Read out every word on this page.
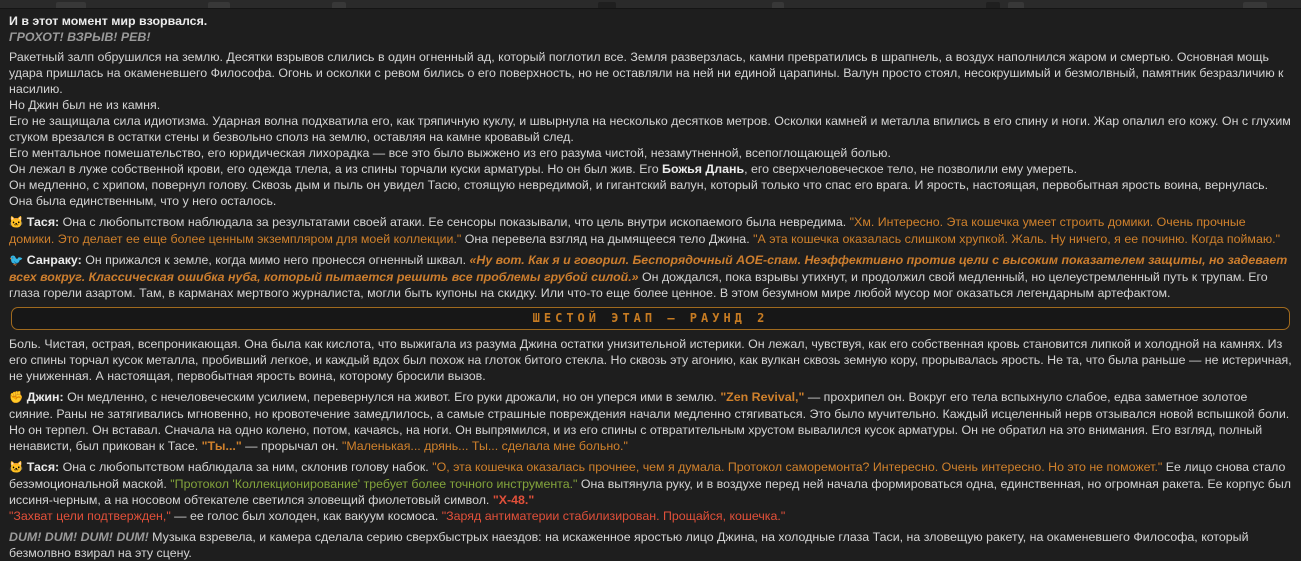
И в этот момент мир взорвался.

ГРОХОТ! ВЗРЫВ! РЕВ!

Ракетный залп обрушился на землю. Десятки взрывов слились в один огненный ад, который поглотил все. Земля разверзлась, камни превратились в шрапнель, а воздух наполнился жаром и смертью. Основная мощь удара пришлась на окаменевшего Философа. Огонь и осколки с ревом бились о его поверхность, но не оставляли на ней ни единой царапины. Валун просто стоял, несокрушимый и безмолвный, памятник безразличию к насилию.

Но Джин был не из камня.

Его не защищала сила идиотизма. Ударная волна подхватила его, как тряпичную куклу, и швырнула на несколько десятков метров. Осколки камней и металла впились в его спину и ноги. Жар опалил его кожу. Он с глухим стуком врезался в остатки стены и безвольно сполз на землю, оставляя на камне кровавый след.

Его ментальное помешательство, его юридическая лихорадка — все это было выжжено из его разума чистой, незамутненной, всепоглощающей болью.

Он лежал в луже собственной крови, его одежда тлела, а из спины торчали куски арматуры. Но он был жив. Его Божья Длань, его сверхчеловеческое тело, не позволили ему умереть.

Он медленно, с хрипом, повернул голову. Сквозь дым и пыль он увидел Тасю, стоящую невредимой, и гигантский валун, который только что спас его врага. И ярость, настоящая, первобытная ярость воина, вернулась. Она была единственным, что у него осталось.

🐱 Тася: Она с любопытством наблюдала за результатами своей атаки. Ее сенсоры показывали, что цель внутри ископаемого была невредима. "Хм. Интересно. Эта кошечка умеет строить домики. Очень прочные домики. Это делает ее еще более ценным экземпляром для моей коллекции." Она перевела взгляд на дымящееся тело Джина. "А эта кошечка оказалась слишком хрупкой. Жаль. Ну ничего, я ее починю. Когда поймаю."

🐦 Санраку: Он прижался к земле, когда мимо него пронесся огненный шквал. «Ну вот. Как я и говорил. Беспорядочный AOE-спам. Неэффективно против цели с высоким показателем защиты, но задевает всех вокруг. Классическая ошибка нуба, который пытается решить все проблемы грубой силой.» Он дождался, пока взрывы утихнут, и продолжил свой медленный, но целеустремленный путь к трупам. Его глаза горели азартом. Там, в карманах мертвого журналиста, могли быть купоны на скидку. Или что-то еще более ценное. В этом безумном мире любой мусор мог оказаться легендарным артефактом.

ШЕСТОЙ ЭТАП – РАУНД 2

Боль. Чистая, острая, всепроникающая. Она была как кислота, что выжигала из разума Джина остатки унизительной истерики. Он лежал, чувствуя, как его собственная кровь становится липкой и холодной на камнях. Из его спины торчал кусок металла, пробивший легкое, и каждый вдох был похож на глоток битого стекла. Но сквозь эту агонию, как вулкан сквозь земную кору, прорывалась ярость. Не та, что была раньше — не истеричная, не униженная. А настоящая, первобытная ярость воина, которому бросили вызов.

✊ Джин: Он медленно, с нечеловеческим усилием, перевернулся на живот. Его руки дрожали, но он уперся ими в землю. "Zen Revival," — прохрипел он. Вокруг его тела вспыхнуло слабое, едва заметное золотое сияние. Раны не затягивались мгновенно, но кровотечение замедлилось, а самые страшные повреждения начали медленно стягиваться. Это было мучительно. Каждый исцеленный нерв отзывался новой вспышкой боли. Но он терпел. Он вставал. Сначала на одно колено, потом, качаясь, на ноги. Он выпрямился, и из его спины с отвратительным хрустом вывалился кусок арматуры. Он не обратил на это внимания. Его взгляд, полный ненависти, был прикован к Тасе. "Ты..." — прорычал он. "Маленькая... дрянь... Ты... сделала мне больно."

🐱 Тася: Она с любопытством наблюдала за ним, склонив голову набок. "О, эта кошечка оказалась прочнее, чем я думала. Протокол саморемонта? Интересно. Очень интересно. Но это не поможет." Ее лицо снова стало безэмоциональной маской. "Протокол 'Коллекционирование' требует более точного инструмента." Она вытянула руку, и в воздухе перед ней начала формироваться одна, единственная, но огромная ракета. Ее корпус был иссиня-черным, а на носовом обтекателе светился зловещий фиолетовый символ. "Х-48."

"Захват цели подтвержден," — ее голос был холоден, как вакуум космоса. "Заряд антиматерии стабилизирован. Прощайся, кошечка."

DUM! DUM! DUM! DUM! Музыка взревела, и камера сделала серию сверхбыстрых наездов: на искаженное яростью лицо Джина, на холодные глаза Таси, на зловещую ракету, на окаменевшего Философа, который безмолвно взирал на эту сцену.
